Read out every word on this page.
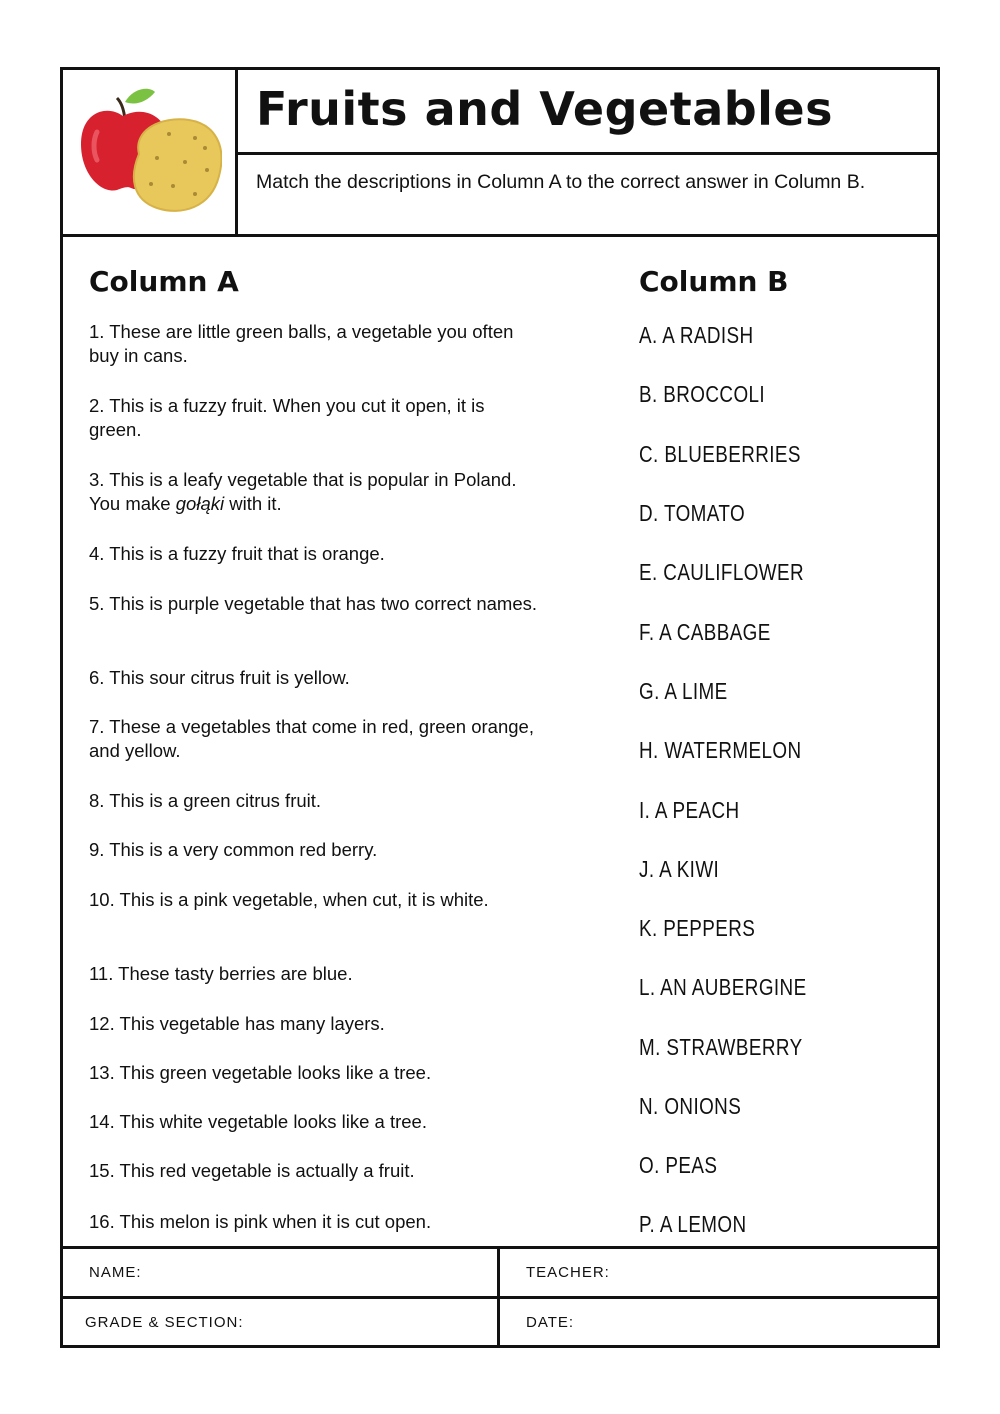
Fruits and Vegetables

Match the descriptions in Column A to the correct answer in Column B.

Column A	Column B
1. These are little green balls, a vegetable you often buy in cans.
2. This is a fuzzy fruit. When you cut it open, it is green.
3. This is a leafy vegetable that is popular in Poland. You make gołąki with it.
4. This is a fuzzy fruit that is orange.
5. This is purple vegetable that has two correct names.
6. This sour citrus fruit is yellow.
7. These a vegetables that come in red, green orange, and yellow.
8. This is a green citrus fruit.
9. This is a very common red berry.
10. This is a pink vegetable, when cut, it is white.
11. These tasty berries are blue.
12. This vegetable has many layers.
13. This green vegetable looks like a tree.
14. This white vegetable looks like a tree.
15. This red vegetable is actually a fruit.
16. This melon is pink when it is cut open.
A. A RADISH
B. BROCCOLI
C. BLUEBERRIES
D. TOMATO
E. CAULIFLOWER
F. A CABBAGE
G. A LIME
H. WATERMELON
I. A PEACH
J. A KIWI
K. PEPPERS
L. AN AUBERGINE
M. STRAWBERRY
N. ONIONS
O. PEAS
P. A LEMON
NAME:	TEACHER:
GRADE & SECTION:	DATE:
